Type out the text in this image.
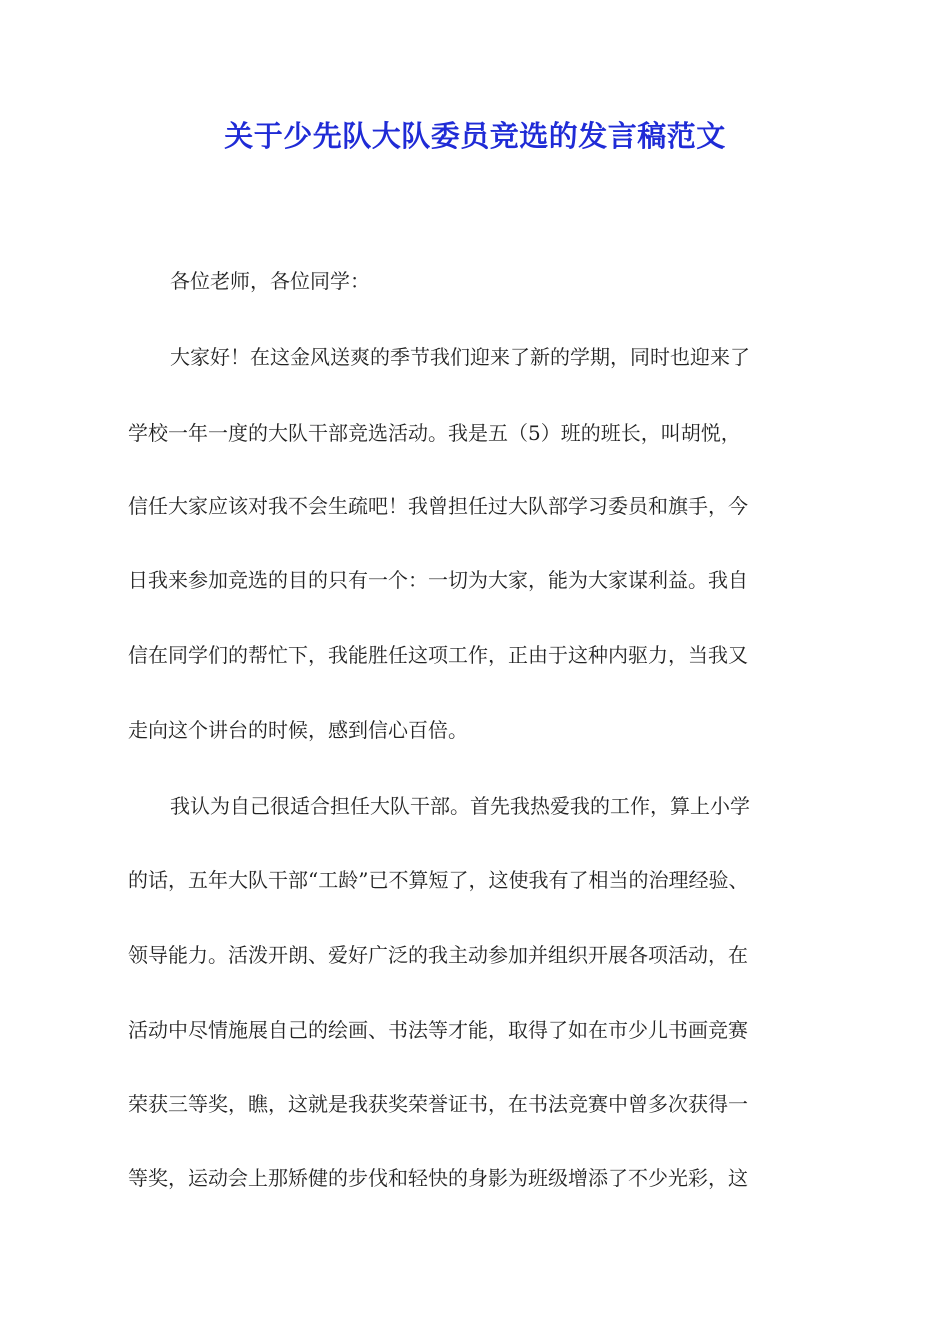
关于少先队大队委员竞选的发言稿范文

各位老师，各位同学：

大家好！在这金风送爽的季节我们迎来了新的学期，同时也迎来了

学校一年一度的大队干部竞选活动。我是五（5）班的班长，叫胡悦，

信任大家应该对我不会生疏吧！我曾担任过大队部学习委员和旗手，今

日我来参加竞选的目的只有一个：一切为大家，能为大家谋利益。我自

信在同学们的帮忙下，我能胜任这项工作，正由于这种内驱力，当我又

走向这个讲台的时候，感到信心百倍。

我认为自己很适合担任大队干部。首先我热爱我的工作，算上小学

的话，五年大队干部“工龄”已不算短了，这使我有了相当的治理经验、

领导能力。活泼开朗、爱好广泛的我主动参加并组织开展各项活动，在

活动中尽情施展自己的绘画、书法等才能，取得了如在市少儿书画竞赛

荣获三等奖，瞧，这就是我获奖荣誉证书，在书法竞赛中曾多次获得一

等奖，运动会上那矫健的步伐和轻快的身影为班级增添了不少光彩，这
